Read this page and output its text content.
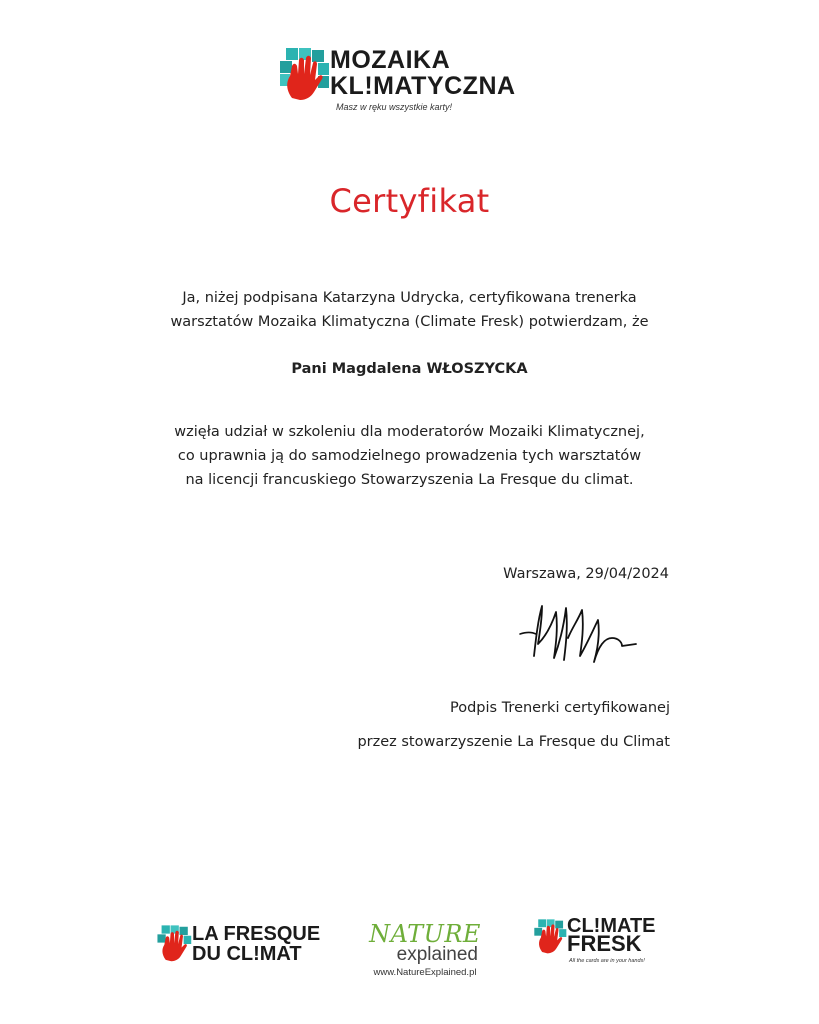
MOZAIKA
KL!MATYCZNA
Masz w ręku wszystkie karty!
Certyfikat
Ja, niżej podpisana Katarzyna Udrycka, certyfikowana trenerka
warsztatów Mozaika Klimatyczna (Climate Fresk) potwierdzam, że
Pani Magdalena WŁOSZYCKA
wzięła udział w szkoleniu dla moderatorów Mozaiki Klimatycznej,
co uprawnia ją do samodzielnego prowadzenia tych warsztatów
na licencji francuskiego Stowarzyszenia La Fresque du climat.
Warszawa, 29/04/2024
Podpis Trenerki certyfikowanej
przez stowarzyszenie La Fresque du Climat
LA FRESQUE
DU CL!MAT
NATURE
explained
www.NatureExplained.pl
CL!MATE
FRESK
All the cards are in your hands!
